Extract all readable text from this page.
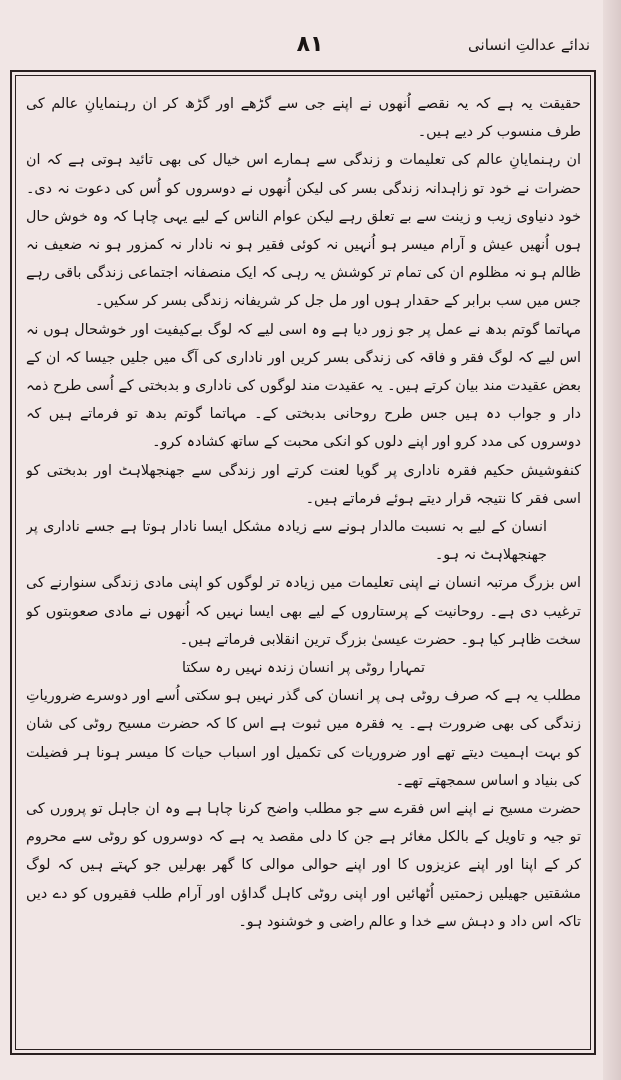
۸۱	ندائے عدالتِ انسانی

حقیقت یہ ہے کہ یہ نقصے اُنھوں نے اپنے جی سے گڑھے اور گڑھ کر ان رہنمایانِ عالم کی طرف منسوب کر دیے ہیں۔

ان رہنمایانِ عالم کی تعلیمات و زندگی سے ہمارے اس خیال کی بھی تائید ہوتی ہے کہ ان حضرات نے خود تو زاہدانہ زندگی بسر کی لیکن اُنھوں نے دوسروں کو اُس کی دعوت نہ دی۔ خود دنیاوی زیب و زینت سے بے تعلق رہے لیکن عوام الناس کے لیے یہی چاہا کہ وہ خوش حال ہوں اُنھیں عیش و آرام میسر ہو اُنہیں نہ کوئی فقیر ہو نہ نادار نہ کمزور ہو نہ ضعیف نہ ظالم ہو نہ مظلوم ان کی تمام تر کوشش یہ رہی کہ ایک منصفانہ اجتماعی زندگی باقی رہے جس میں سب برابر کے حقدار ہوں اور مل جل کر شریفانہ زندگی بسر کر سکیں۔

مہاتما گوتم بدھ نے عمل پر جو زور دیا ہے وہ اسی لیے کہ لوگ بےکیفیت اور خوشحال ہوں نہ اس لیے کہ لوگ فقر و فاقہ کی زندگی بسر کریں اور ناداری کی آگ میں جلیں جیسا کہ ان کے بعض عقیدت مند بیان کرتے ہیں۔ یہ عقیدت مند لوگوں کی ناداری و بدبختی کے اُسی طرح ذمہ دار و جواب دہ ہیں جس طرح روحانی بدبختی کے۔ مہاتما گوتم بدھ تو فرماتے ہیں کہ دوسروں کی مدد کرو اور اپنے دلوں کو انکی محبت کے ساتھ کشادہ کرو۔

کنفوشیش حکیم فقرہ ناداری پر گویا لعنت کرتے اور زندگی سے جھنجھلاہٹ اور بدبختی کو اسی فقر کا نتیجہ قرار دیتے ہوئے فرماتے ہیں۔

انسان کے لیے بہ نسبت مالدار ہونے سے زیادہ مشکل ایسا نادار ہوتا ہے جسے ناداری پر جھنجھلاہٹ نہ ہو۔

اس بزرگ مرتبہ انسان نے اپنی تعلیمات میں زیادہ تر لوگوں کو اپنی مادی زندگی سنوارنے کی ترغیب دی ہے۔ روحانیت کے پرستاروں کے لیے بھی ایسا نہیں کہ اُنھوں نے مادی صعوبتوں کو سخت ظاہر کیا ہو۔ حضرت عیسیٰ بزرگ ترین انقلابی فرماتے ہیں۔

تمہارا روٹی پر انسان زندہ نہیں رہ سکتا

مطلب یہ ہے کہ صرف روٹی ہی پر انسان کی گذر نہیں ہو سکتی اُسے اور دوسرے ضروریاتِ زندگی کی بھی ضرورت ہے۔ یہ فقرہ میں ثبوت ہے اس کا کہ حضرت مسیح روٹی کی شان کو بہت اہمیت دیتے تھے اور ضروریات کی تکمیل اور اسباب حیات کا میسر ہونا ہر فضیلت کی بنیاد و اساس سمجھتے تھے۔

حضرت مسیح نے اپنے اس فقرے سے جو مطلب واضح کرنا چاہا ہے وہ ان جاہل تو پرورں کی تو جیہ و تاویل کے بالکل مغائر ہے جن کا دلی مقصد یہ ہے کہ دوسروں کو روٹی سے محروم کر کے اپنا اور اپنے عزیزوں کا اور اپنے حوالی موالی کا گھر بھرلیں جو کہتے ہیں کہ لوگ مشقتیں جھیلیں زحمتیں اُٹھائیں اور اپنی روٹی کاہل گداؤں اور آرام طلب فقیروں کو دے دیں تاکہ اس داد و دہش سے خدا و عالم راضی و خوشنود ہو۔
